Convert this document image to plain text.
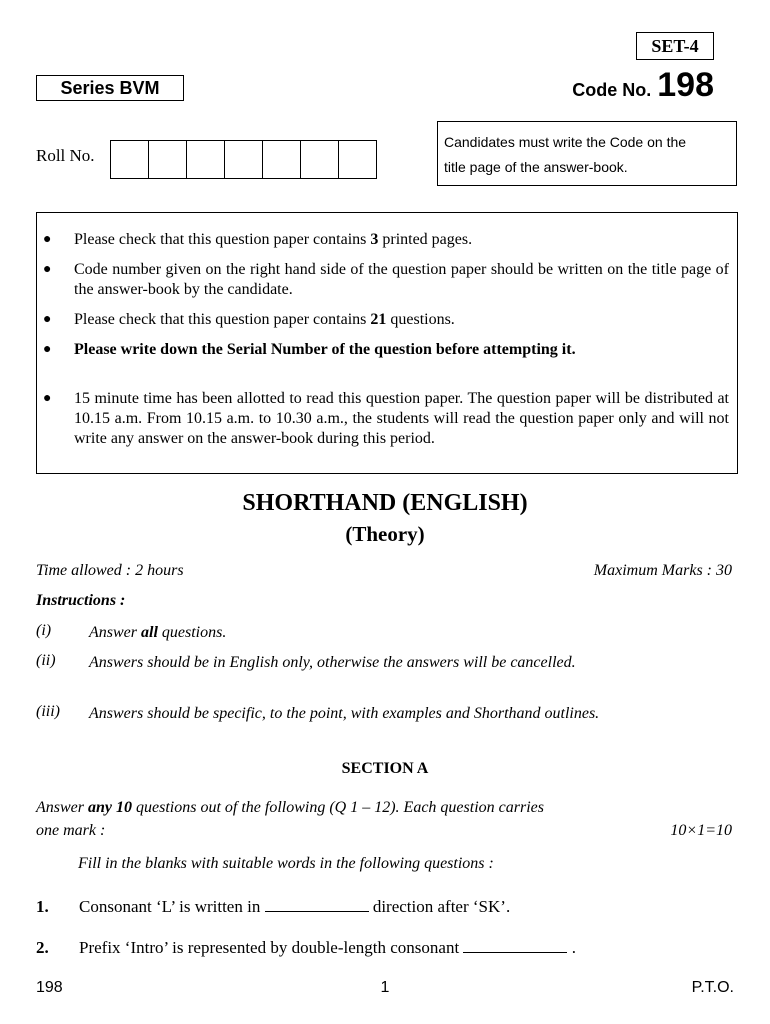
SET-4
Series BVM	Code No. 198
Roll No.
Candidates must write the Code on the
title page of the answer-book.
● Please check that this question paper contains 3 printed pages.
● Code number given on the right hand side of the question paper should be written on the title page of the answer-book by the candidate.
● Please check that this question paper contains 21 questions.
● Please write down the Serial Number of the question before attempting it.
● 15 minute time has been allotted to read this question paper. The question paper will be distributed at 10.15 a.m. From 10.15 a.m. to 10.30 a.m., the students will read the question paper only and will not write any answer on the answer-book during this period.
SHORTHAND (ENGLISH)
(Theory)
Time allowed : 2 hours	Maximum Marks : 30
Instructions :
(i) Answer all questions.
(ii) Answers should be in English only, otherwise the answers will be cancelled.
(iii) Answers should be specific, to the point, with examples and Shorthand outlines.
SECTION A
Answer any 10 questions out of the following (Q 1 – 12). Each question carries
one mark :	10×1=10
Fill in the blanks with suitable words in the following questions :
1. Consonant ‘L’ is written in	direction after ‘SK’.
2. Prefix ‘Intro’ is represented by double-length consonant	.
198	1	P.T.O.
